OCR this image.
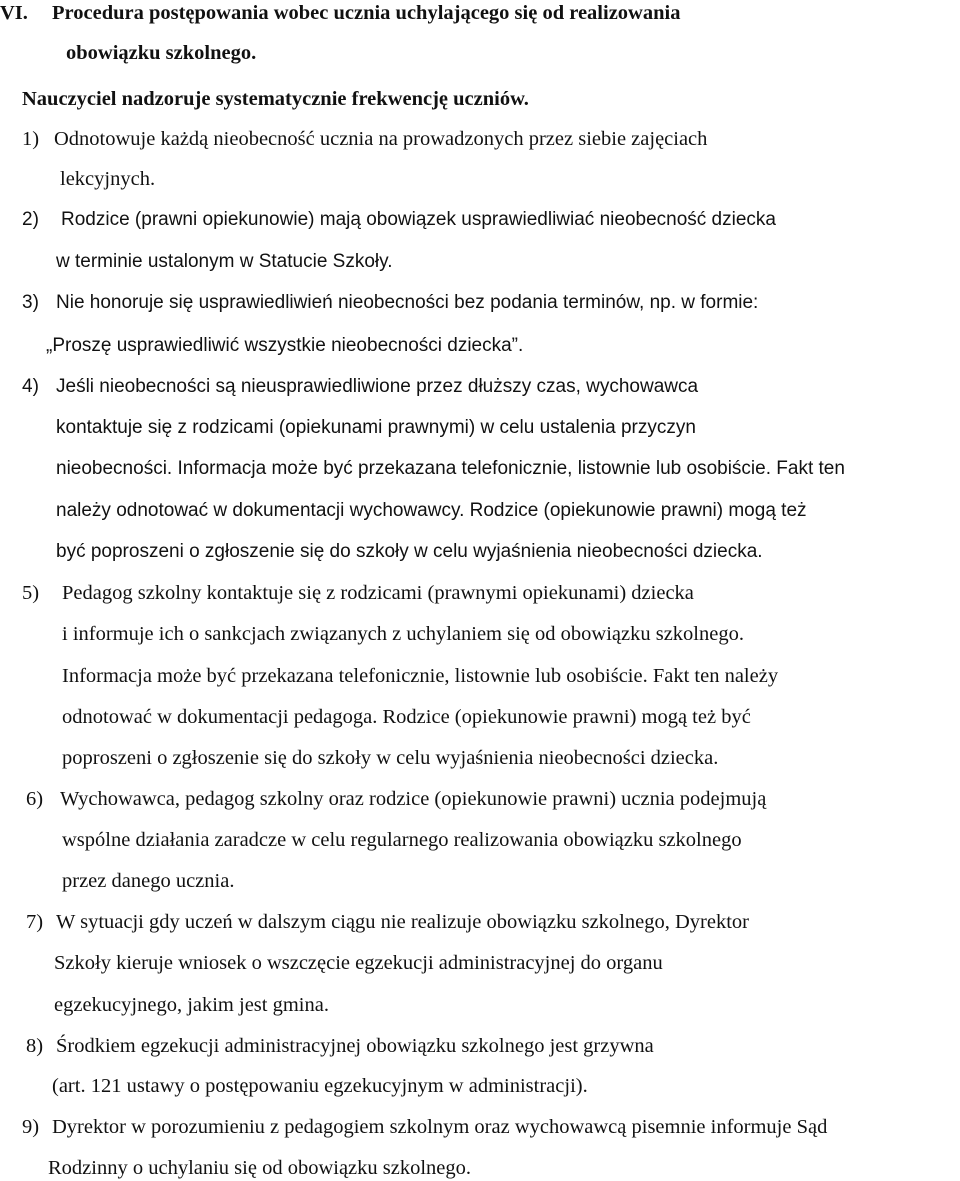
VI. Procedura postępowania wobec ucznia uchylającego się od realizowania
obowiązku szkolnego.
Nauczyciel nadzoruje systematycznie frekwencję uczniów.
1) Odnotowuje każdą nieobecność ucznia na prowadzonych przez siebie zajęciach
lekcyjnych.
2) Rodzice (prawni opiekunowie) mają obowiązek usprawiedliwiać nieobecność dziecka
w terminie ustalonym w Statucie Szkoły.
3) Nie honoruje się usprawiedliwień nieobecności bez podania terminów, np. w formie:
„Proszę usprawiedliwić wszystkie nieobecności dziecka”.
4) Jeśli nieobecności są nieusprawiedliwione przez dłuższy czas, wychowawca
kontaktuje się z rodzicami (opiekunami prawnymi) w celu ustalenia przyczyn
nieobecności. Informacja może być przekazana telefonicznie, listownie lub osobiście. Fakt ten
należy odnotować w dokumentacji wychowawcy. Rodzice (opiekunowie prawni) mogą też
być poproszeni o zgłoszenie się do szkoły w celu wyjaśnienia nieobecności dziecka.
5) Pedagog szkolny kontaktuje się z rodzicami (prawnymi opiekunami) dziecka
i informuje ich o sankcjach związanych z uchylaniem się od obowiązku szkolnego.
Informacja może być przekazana telefonicznie, listownie lub osobiście. Fakt ten należy
odnotować w dokumentacji pedagoga. Rodzice (opiekunowie prawni) mogą też być
poproszeni o zgłoszenie się do szkoły w celu wyjaśnienia nieobecności dziecka.
6) Wychowawca, pedagog szkolny oraz rodzice (opiekunowie prawni) ucznia podejmują
wspólne działania zaradcze w celu regularnego realizowania obowiązku szkolnego
przez danego ucznia.
7) W sytuacji gdy uczeń w dalszym ciągu nie realizuje obowiązku szkolnego, Dyrektor
Szkoły kieruje wniosek o wszczęcie egzekucji administracyjnej do organu
egzekucyjnego, jakim jest gmina.
8) Środkiem egzekucji administracyjnej obowiązku szkolnego jest grzywna
(art. 121 ustawy o postępowaniu egzekucyjnym w administracji).
9) Dyrektor w porozumieniu z pedagogiem szkolnym oraz wychowawcą pisemnie informuje Sąd
Rodzinny o uchylaniu się od obowiązku szkolnego.
